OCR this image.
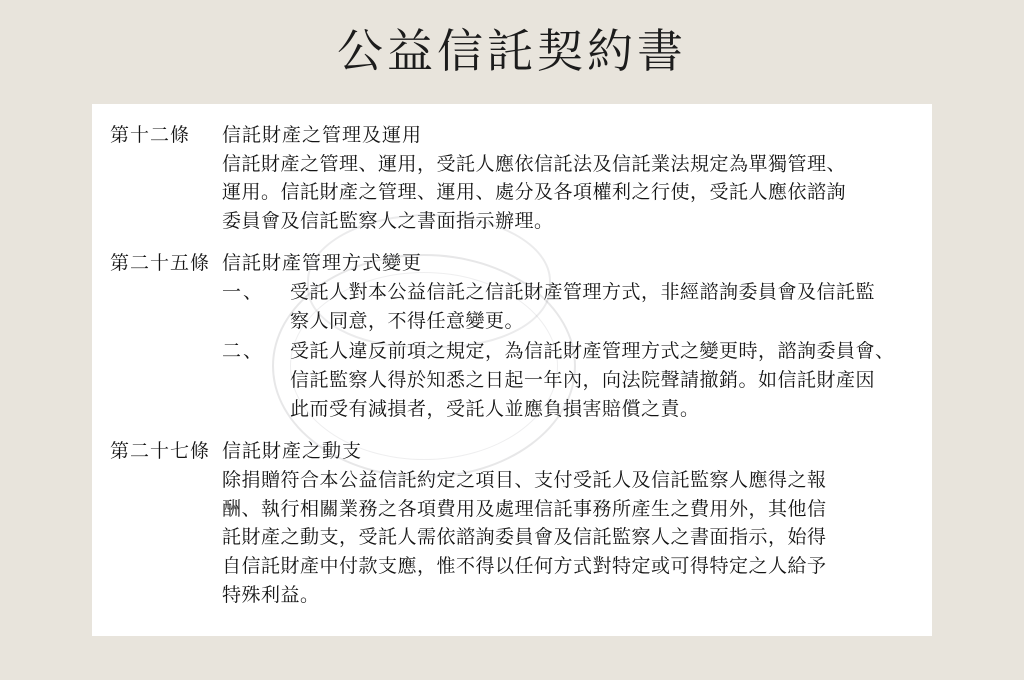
公益信託契約書
第十二條	信託財產之管理及運用
信託財產之管理、運用，受託人應依信託法及信託業法規定為單獨管理、
運用。信託財產之管理、運用、處分及各項權利之行使，受託人應依諮詢
委員會及信託監察人之書面指示辦理。
第二十五條 信託財產管理方式變更
一、	受託人對本公益信託之信託財產管理方式，非經諮詢委員會及信託監
察人同意，不得任意變更。
二、	受託人違反前項之規定，為信託財產管理方式之變更時，諮詢委員會、
信託監察人得於知悉之日起一年內，向法院聲請撤銷。如信託財產因
此而受有減損者，受託人並應負損害賠償之責。
第二十七條 信託財產之動支
除捐贈符合本公益信託約定之項目、支付受託人及信託監察人應得之報
酬、執行相關業務之各項費用及處理信託事務所產生之費用外，其他信
託財產之動支，受託人需依諮詢委員會及信託監察人之書面指示，始得
自信託財產中付款支應，惟不得以任何方式對特定或可得特定之人給予
特殊利益。
